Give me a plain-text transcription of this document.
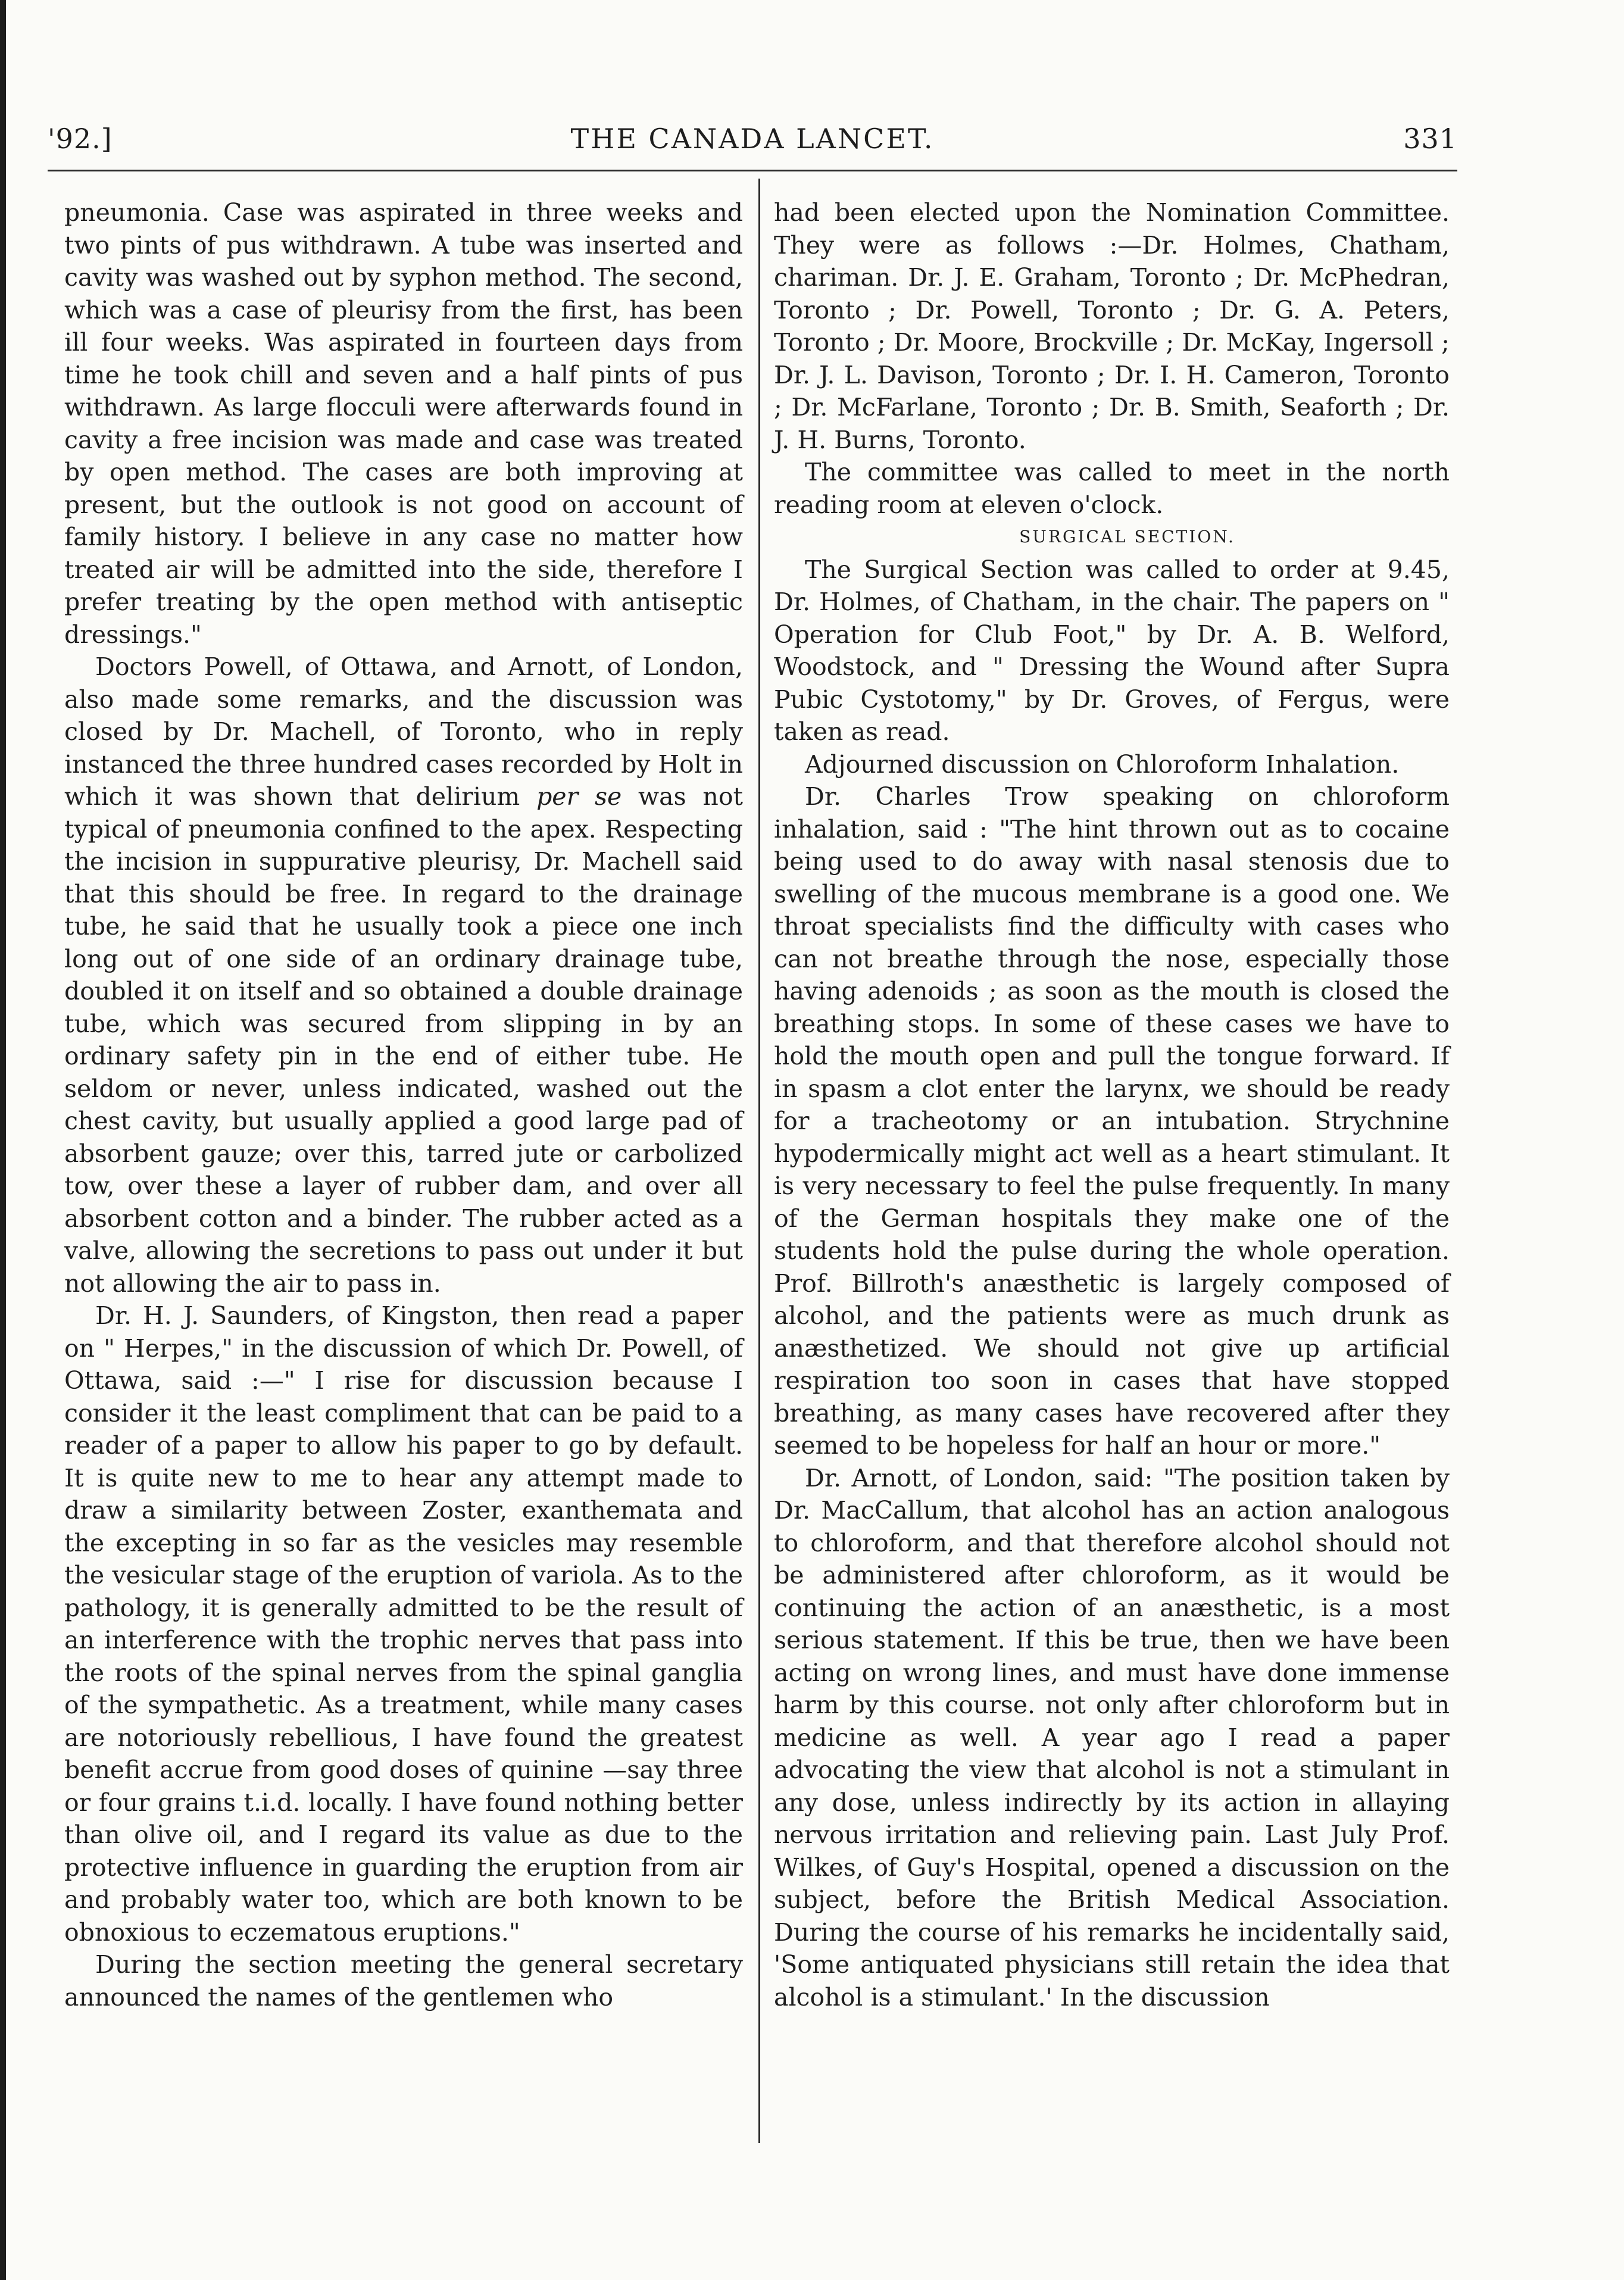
'92.]	THE CANADA LANCET.	331

pneumonia. Case was aspirated in three weeks and two pints of pus withdrawn. A tube was inserted and cavity was washed out by syphon method. The second, which was a case of pleurisy from the first, has been ill four weeks. Was aspirated in fourteen days from time he took chill and seven and a half pints of pus withdrawn. As large flocculi were afterwards found in cavity a free incision was made and case was treated by open method. The cases are both improving at present, but the outlook is not good on account of family history. I believe in any case no matter how treated air will be admitted into the side, therefore I prefer treating by the open method with antiseptic dressings."

Doctors Powell, of Ottawa, and Arnott, of London, also made some remarks, and the discussion was closed by Dr. Machell, of Toronto, who in reply instanced the three hundred cases recorded by Holt in which it was shown that delirium per se was not typical of pneumonia confined to the apex. Respecting the incision in suppurative pleurisy, Dr. Machell said that this should be free. In regard to the drainage tube, he said that he usually took a piece one inch long out of one side of an ordinary drainage tube, doubled it on itself and so obtained a double drainage tube, which was secured from slipping in by an ordinary safety pin in the end of either tube. He seldom or never, unless indicated, washed out the chest cavity, but usually applied a good large pad of absorbent gauze; over this, tarred jute or carbolized tow, over these a layer of rubber dam, and over all absorbent cotton and a binder. The rubber acted as a valve, allowing the secretions to pass out under it but not allowing the air to pass in.

Dr. H. J. Saunders, of Kingston, then read a paper on " Herpes," in the discussion of which Dr. Powell, of Ottawa, said :—" I rise for discussion because I consider it the least compliment that can be paid to a reader of a paper to allow his paper to go by default. It is quite new to me to hear any attempt made to draw a similarity between Zoster, exanthemata and the excepting in so far as the vesicles may resemble the vesicular stage of the eruption of variola. As to the pathology, it is generally admitted to be the result of an interference with the trophic nerves that pass into the roots of the spinal nerves from the spinal ganglia of the sympathetic. As a treatment, while many cases are notoriously rebellious, I have found the greatest benefit accrue from good doses of quinine —say three or four grains t.i.d. locally. I have found nothing better than olive oil, and I regard its value as due to the protective influence in guarding the eruption from air and probably water too, which are both known to be obnoxious to eczematous eruptions."

During the section meeting the general secretary announced the names of the gentlemen who

had been elected upon the Nomination Committee. They were as follows :—Dr. Holmes, Chatham, chariman. Dr. J. E. Graham, Toronto ; Dr. McPhedran, Toronto ; Dr. Powell, Toronto ; Dr. G. A. Peters, Toronto ; Dr. Moore, Brockville ; Dr. McKay, Ingersoll ; Dr. J. L. Davison, Toronto ; Dr. I. H. Cameron, Toronto ; Dr. McFarlane, Toronto ; Dr. B. Smith, Seaforth ; Dr. J. H. Burns, Toronto.

The committee was called to meet in the north reading room at eleven o'clock.

SURGICAL SECTION.

The Surgical Section was called to order at 9.45, Dr. Holmes, of Chatham, in the chair. The papers on " Operation for Club Foot," by Dr. A. B. Welford, Woodstock, and " Dressing the Wound after Supra Pubic Cystotomy," by Dr. Groves, of Fergus, were taken as read.

Adjourned discussion on Chloroform Inhalation.

Dr. Charles Trow speaking on chloroform inhalation, said : "The hint thrown out as to cocaine being used to do away with nasal stenosis due to swelling of the mucous membrane is a good one. We throat specialists find the difficulty with cases who can not breathe through the nose, especially those having adenoids ; as soon as the mouth is closed the breathing stops. In some of these cases we have to hold the mouth open and pull the tongue forward. If in spasm a clot enter the larynx, we should be ready for a tracheotomy or an intubation. Strychnine hypodermically might act well as a heart stimulant. It is very necessary to feel the pulse frequently. In many of the German hospitals they make one of the students hold the pulse during the whole operation. Prof. Billroth's anæsthetic is largely composed of alcohol, and the patients were as much drunk as anæsthetized. We should not give up artificial respiration too soon in cases that have stopped breathing, as many cases have recovered after they seemed to be hopeless for half an hour or more."

Dr. Arnott, of London, said: "The position taken by Dr. MacCallum, that alcohol has an action analogous to chloroform, and that therefore alcohol should not be administered after chloroform, as it would be continuing the action of an anæsthetic, is a most serious statement. If this be true, then we have been acting on wrong lines, and must have done immense harm by this course. not only after chloroform but in medicine as well. A year ago I read a paper advocating the view that alcohol is not a stimulant in any dose, unless indirectly by its action in allaying nervous irritation and relieving pain. Last July Prof. Wilkes, of Guy's Hospital, opened a discussion on the subject, before the British Medical Association. During the course of his remarks he incidentally said, 'Some antiquated physicians still retain the idea that alcohol is a stimulant.' In the discussion
